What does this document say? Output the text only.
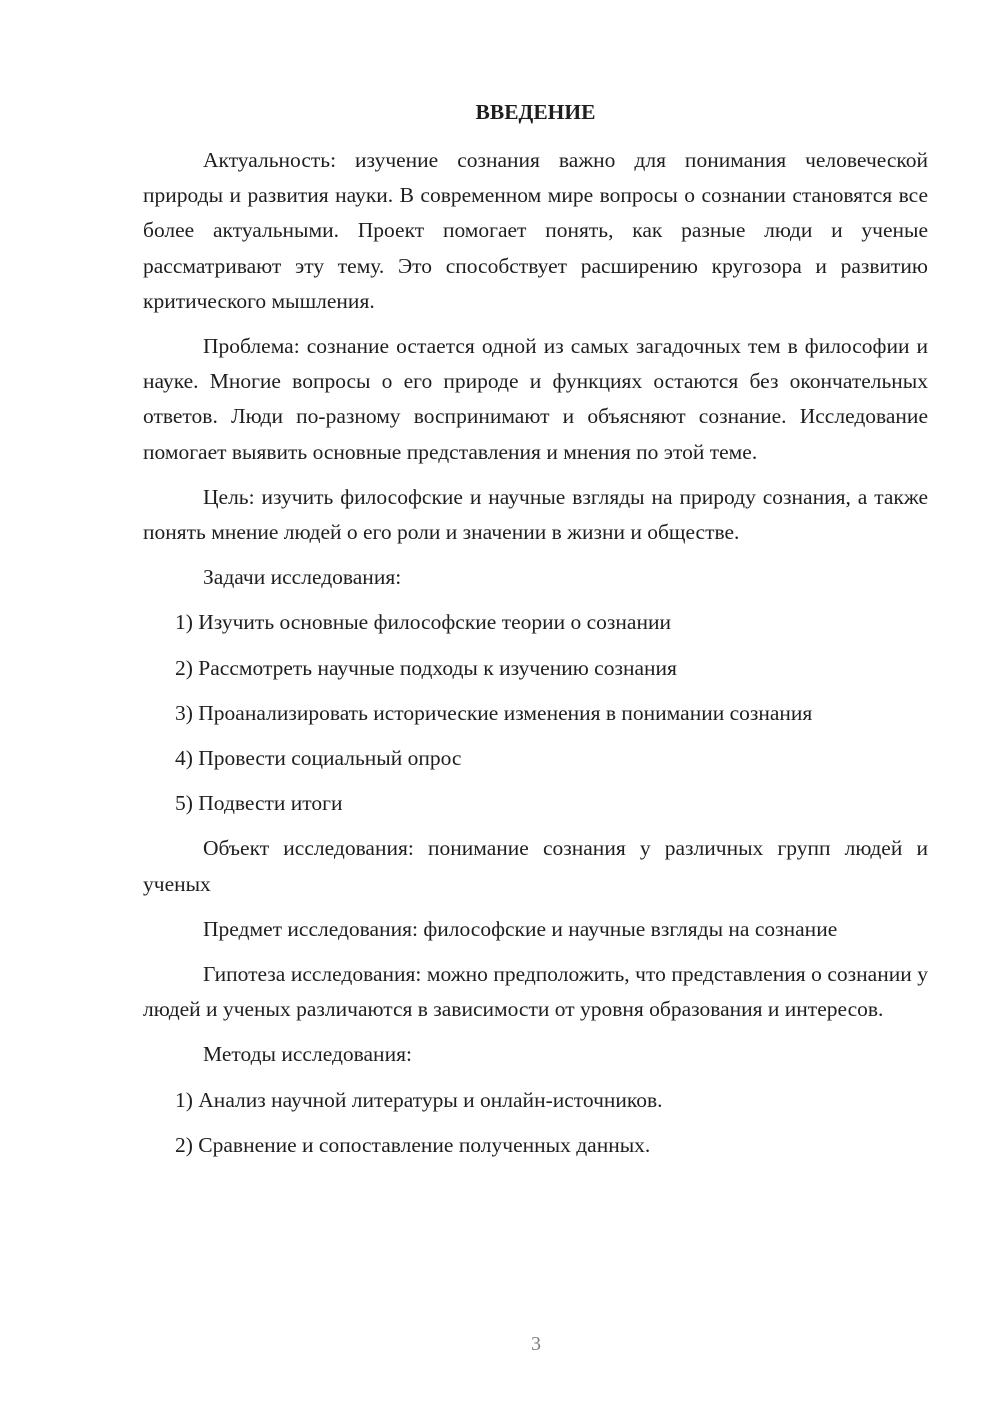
ВВЕДЕНИЕ
Актуальность: изучение сознания важно для понимания человеческой природы и развития науки. В современном мире вопросы о сознании становятся все более актуальными. Проект помогает понять, как разные люди и ученые рассматривают эту тему. Это способствует расширению кругозора и развитию критического мышления.
Проблема: сознание остается одной из самых загадочных тем в философии и науке. Многие вопросы о его природе и функциях остаются без окончательных ответов. Люди по-разному воспринимают и объясняют сознание. Исследование помогает выявить основные представления и мнения по этой теме.
Цель: изучить философские и научные взгляды на природу сознания, а также понять мнение людей о его роли и значении в жизни и обществе.
Задачи исследования:
1) Изучить основные философские теории о сознании
2) Рассмотреть научные подходы к изучению сознания
3) Проанализировать исторические изменения в понимании сознания
4) Провести социальный опрос
5) Подвести итоги
Объект исследования: понимание сознания у различных групп людей и ученых
Предмет исследования: философские и научные взгляды на сознание
Гипотеза исследования: можно предположить, что представления о сознании у людей и ученых различаются в зависимости от уровня образования и интересов.
Методы исследования:
1) Анализ научной литературы и онлайн-источников.
2) Сравнение и сопоставление полученных данных.
3
